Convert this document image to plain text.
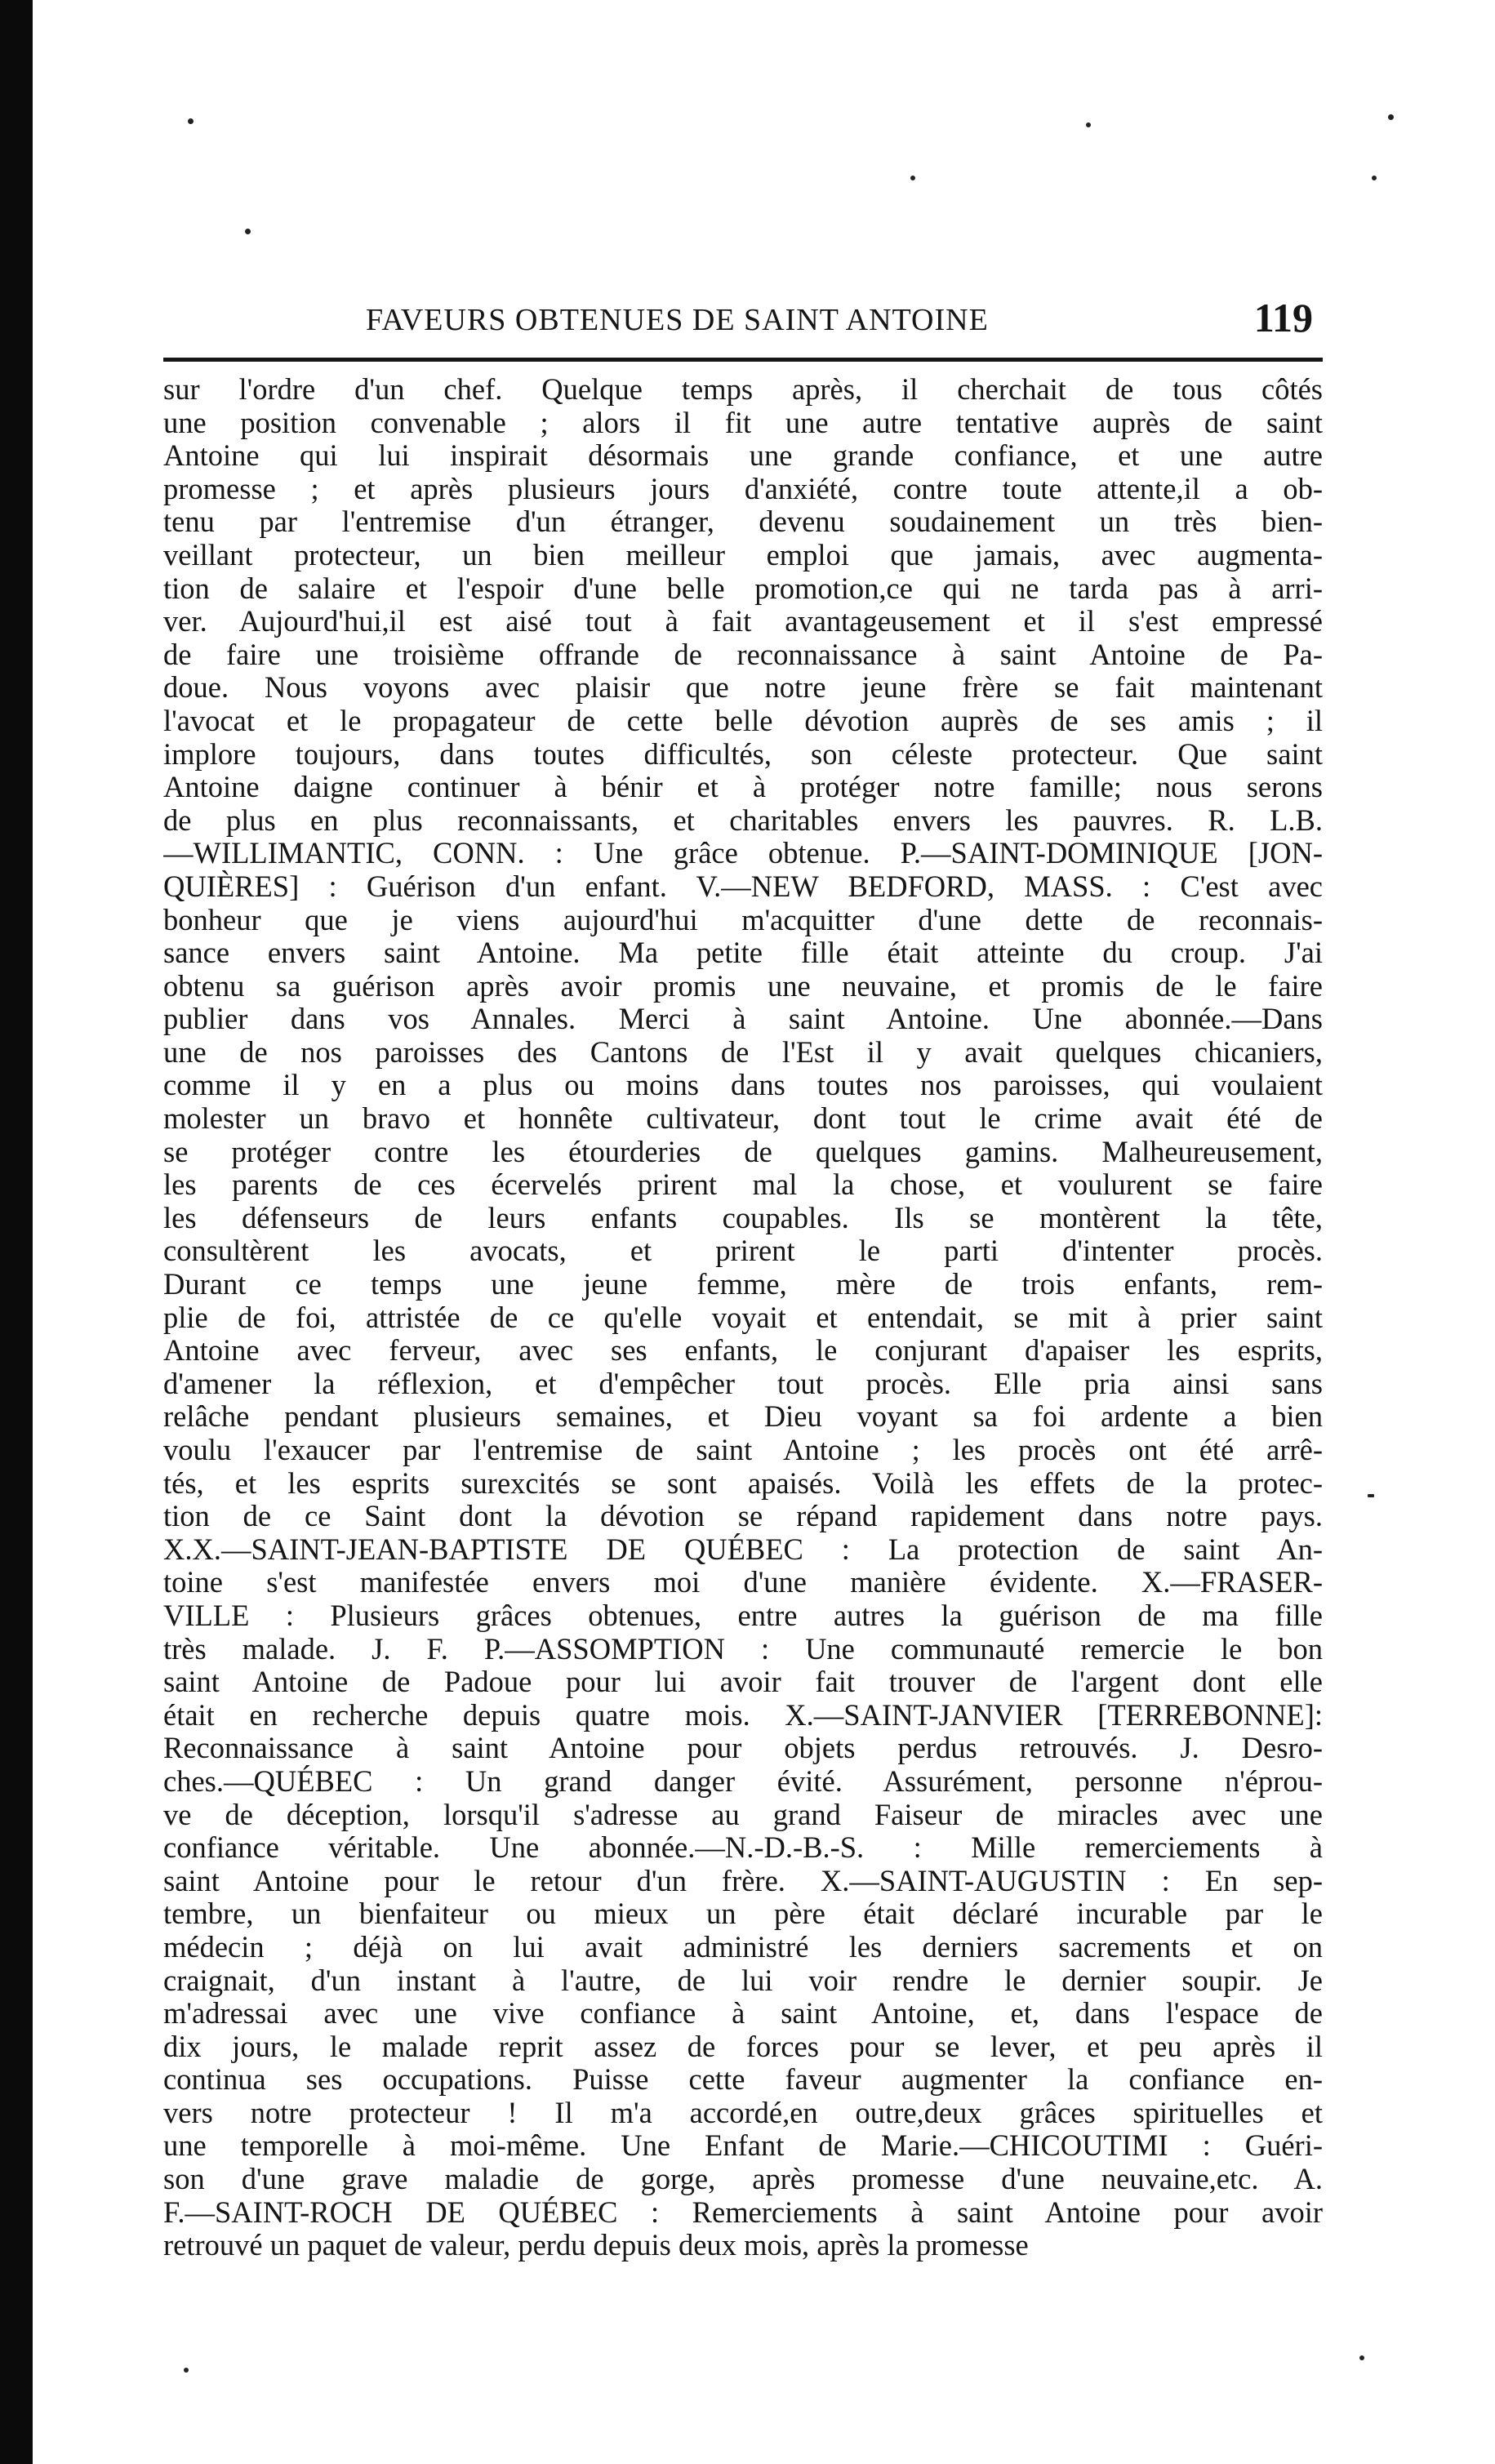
FAVEURS OBTENUES DE SAINT ANTOINE	119
sur l'ordre d'un chef. Quelque temps après, il cherchait de tous côtés
une position convenable ; alors il fit une autre tentative auprès de saint
Antoine qui lui inspirait désormais une grande confiance, et une autre
promesse ; et après plusieurs jours d'anxiété, contre toute attente,il a ob-
tenu par l'entremise d'un étranger, devenu soudainement un très bien-
veillant protecteur, un bien meilleur emploi que jamais, avec augmenta-
tion de salaire et l'espoir d'une belle promotion,ce qui ne tarda pas à arri-
ver. Aujourd'hui,il est aisé tout à fait avantageusement et il s'est empressé
de faire une troisième offrande de reconnaissance à saint Antoine de Pa-
doue. Nous voyons avec plaisir que notre jeune frère se fait maintenant
l'avocat et le propagateur de cette belle dévotion auprès de ses amis ; il
implore toujours, dans toutes difficultés, son céleste protecteur. Que saint
Antoine daigne continuer à bénir et à protéger notre famille; nous serons
de plus en plus reconnaissants, et charitables envers les pauvres. R. L.B.
—WILLIMANTIC, CONN. : Une grâce obtenue. P.—SAINT-DOMINIQUE [JON-
QUIÈRES] : Guérison d'un enfant. V.—NEW BEDFORD, MASS. : C'est avec
bonheur que je viens aujourd'hui m'acquitter d'une dette de reconnais-
sance envers saint Antoine. Ma petite fille était atteinte du croup. J'ai
obtenu sa guérison après avoir promis une neuvaine, et promis de le faire
publier dans vos Annales. Merci à saint Antoine. Une abonnée.—Dans
une de nos paroisses des Cantons de l'Est il y avait quelques chicaniers,
comme il y en a plus ou moins dans toutes nos paroisses, qui voulaient
molester un bravo et honnête cultivateur, dont tout le crime avait été de
se protéger contre les étourderies de quelques gamins. Malheureusement,
les parents de ces écervelés prirent mal la chose, et voulurent se faire
les défenseurs de leurs enfants coupables. Ils se montèrent la tête,
consultèrent les avocats, et prirent le parti d'intenter procès.
Durant ce temps une jeune femme, mère de trois enfants, rem-
plie de foi, attristée de ce qu'elle voyait et entendait, se mit à prier saint
Antoine avec ferveur, avec ses enfants, le conjurant d'apaiser les esprits,
d'amener la réflexion, et d'empêcher tout procès. Elle pria ainsi sans
relâche pendant plusieurs semaines, et Dieu voyant sa foi ardente a bien
voulu l'exaucer par l'entremise de saint Antoine ; les procès ont été arrê-
tés, et les esprits surexcités se sont apaisés. Voilà les effets de la protec-
tion de ce Saint dont la dévotion se répand rapidement dans notre pays.
X.X.—SAINT-JEAN-BAPTISTE DE QUÉBEC : La protection de saint An-
toine s'est manifestée envers moi d'une manière évidente. X.—FRASER-
VILLE : Plusieurs grâces obtenues, entre autres la guérison de ma fille
très malade. J. F. P.—ASSOMPTION : Une communauté remercie le bon
saint Antoine de Padoue pour lui avoir fait trouver de l'argent dont elle
était en recherche depuis quatre mois. X.—SAINT-JANVIER [TERREBONNE]:
Reconnaissance à saint Antoine pour objets perdus retrouvés. J. Desro-
ches.—QUÉBEC : Un grand danger évité. Assurément, personne n'éprou-
ve de déception, lorsqu'il s'adresse au grand Faiseur de miracles avec une
confiance véritable. Une abonnée.—N.-D.-B.-S. : Mille remerciements à
saint Antoine pour le retour d'un frère. X.—SAINT-AUGUSTIN : En sep-
tembre, un bienfaiteur ou mieux un père était déclaré incurable par le
médecin ; déjà on lui avait administré les derniers sacrements et on
craignait, d'un instant à l'autre, de lui voir rendre le dernier soupir. Je
m'adressai avec une vive confiance à saint Antoine, et, dans l'espace de
dix jours, le malade reprit assez de forces pour se lever, et peu après il
continua ses occupations. Puisse cette faveur augmenter la confiance en-
vers notre protecteur ! Il m'a accordé,en outre,deux grâces spirituelles et
une temporelle à moi-même. Une Enfant de Marie.—CHICOUTIMI : Guéri-
son d'une grave maladie de gorge, après promesse d'une neuvaine,etc. A.
F.—SAINT-ROCH DE QUÉBEC : Remerciements à saint Antoine pour avoir
retrouvé un paquet de valeur, perdu depuis deux mois, après la promesse
